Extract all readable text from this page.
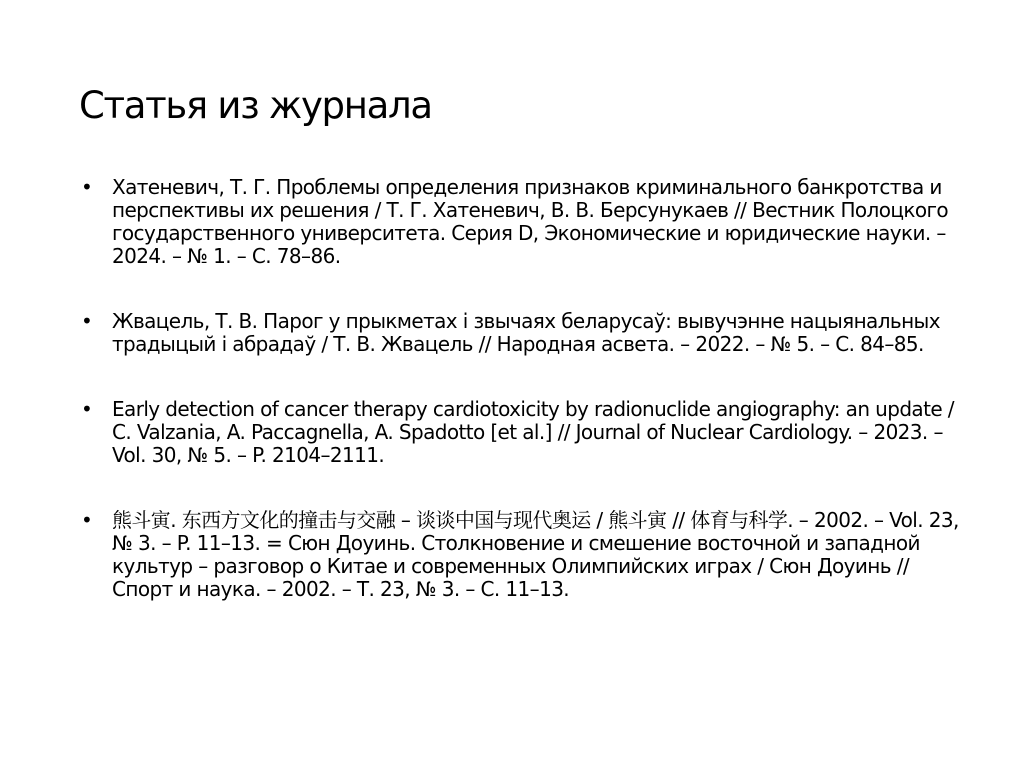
Статья из журнала
• Хатеневич, Т. Г. Проблемы определения признаков криминального банкротства и перспективы их решения / Т. Г. Хатеневич, В. В. Берсунукаев // Вестник Полоцкого государственного университета. Серия D, Экономические и юридические науки. – 2024. – № 1. – С. 78–86.
• Жвацель, Т. В. Парог у прыкметах і звычаях беларусаў: вывучэнне нацыянальных традыцый і абрадаў / Т. В. Жвацель // Народная асвета. – 2022. – № 5. – С. 84–85.
• Early detection of cancer therapy cardiotoxicity by radionuclide angiography: an update / C. Valzania, A. Paccagnella, A. Spadotto [et al.] // Journal of Nuclear Cardiology. – 2023. – Vol. 30, № 5. – P. 2104–2111.
• 熊斗寅. 东西方文化的撞击与交融 – 谈谈中国与现代奥运 / 熊斗寅 // 体育与科学. – 2002. – Vol. 23, № 3. – P. 11–13. = Сюн Доуинь. Столкновение и смешение восточной и западной культур – разговор о Китае и современных Олимпийских играх / Сюн Доуинь // Спорт и наука. – 2002. – Т. 23, № 3. – С. 11–13.
